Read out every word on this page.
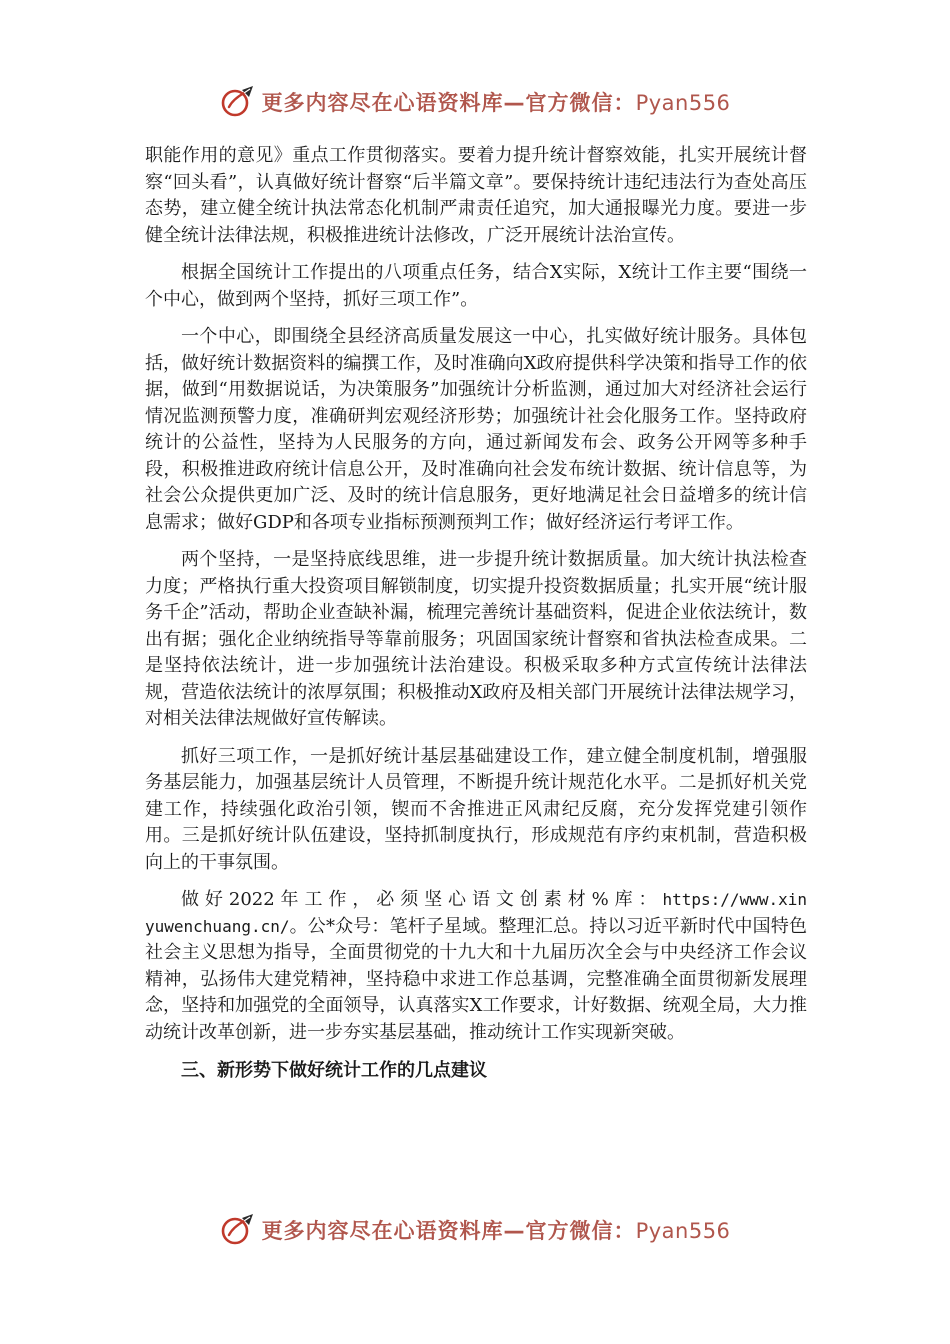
更多内容尽在心语资料库—官方微信：Pyan556

职能作用的意见》重点工作贯彻落实。要着力提升统计督察效能，扎实开展统计督察“回头看”，认真做好统计督察“后半篇文章”。要保持统计违纪违法行为查处高压态势，建立健全统计执法常态化机制严肃责任追究，加大通报曝光力度。要进一步健全统计法律法规，积极推进统计法修改，广泛开展统计法治宣传。

根据全国统计工作提出的八项重点任务，结合X实际，X统计工作主要“围绕一个中心，做到两个坚持，抓好三项工作”。

一个中心，即围绕全县经济高质量发展这一中心，扎实做好统计服务。具体包括，做好统计数据资料的编撰工作，及时准确向X政府提供科学决策和指导工作的依据，做到“用数据说话，为决策服务”加强统计分析监测，通过加大对经济社会运行情况监测预警力度，准确研判宏观经济形势；加强统计社会化服务工作。坚持政府统计的公益性，坚持为人民服务的方向，通过新闻发布会、政务公开网等多种手段，积极推进政府统计信息公开，及时准确向社会发布统计数据、统计信息等，为社会公众提供更加广泛、及时的统计信息服务，更好地满足社会日益增多的统计信息需求；做好GDP和各项专业指标预测预判工作；做好经济运行考评工作。

两个坚持，一是坚持底线思维，进一步提升统计数据质量。加大统计执法检查力度；严格执行重大投资项目解锁制度，切实提升投资数据质量；扎实开展“统计服务千企”活动，帮助企业查缺补漏，梳理完善统计基础资料，促进企业依法统计，数出有据；强化企业纳统指导等靠前服务；巩固国家统计督察和省执法检查成果。二是坚持依法统计，进一步加强统计法治建设。积极采取多种方式宣传统计法律法规，营造依法统计的浓厚氛围；积极推动X政府及相关部门开展统计法律法规学习，对相关法律法规做好宣传解读。

抓好三项工作，一是抓好统计基层基础建设工作，建立健全制度机制，增强服务基层能力，加强基层统计人员管理，不断提升统计规范化水平。二是抓好机关党建工作，持续强化政治引领，锲而不舍推进正风肃纪反腐，充分发挥党建引领作用。三是抓好统计队伍建设，坚持抓制度执行，形成规范有序约束机制，营造积极向上的干事氛围。

做 好 2022 年 工 作 ， 必 须 坚 心 语 文 创 素 材 % 库 ： https://www.xinyuwenchuang.cn/。公*众号：笔杆子星域。整理汇总。持以习近平新时代中国特色社会主义思想为指导，全面贯彻党的十九大和十九届历次全会与中央经济工作会议精神，弘扬伟大建党精神，坚持稳中求进工作总基调，完整准确全面贯彻新发展理念，坚持和加强党的全面领导，认真落实X工作要求，计好数据、统观全局，大力推动统计改革创新，进一步夯实基层基础，推动统计工作实现新突破。

三、新形势下做好统计工作的几点建议
更多内容尽在心语资料库—官方微信：Pyan556
